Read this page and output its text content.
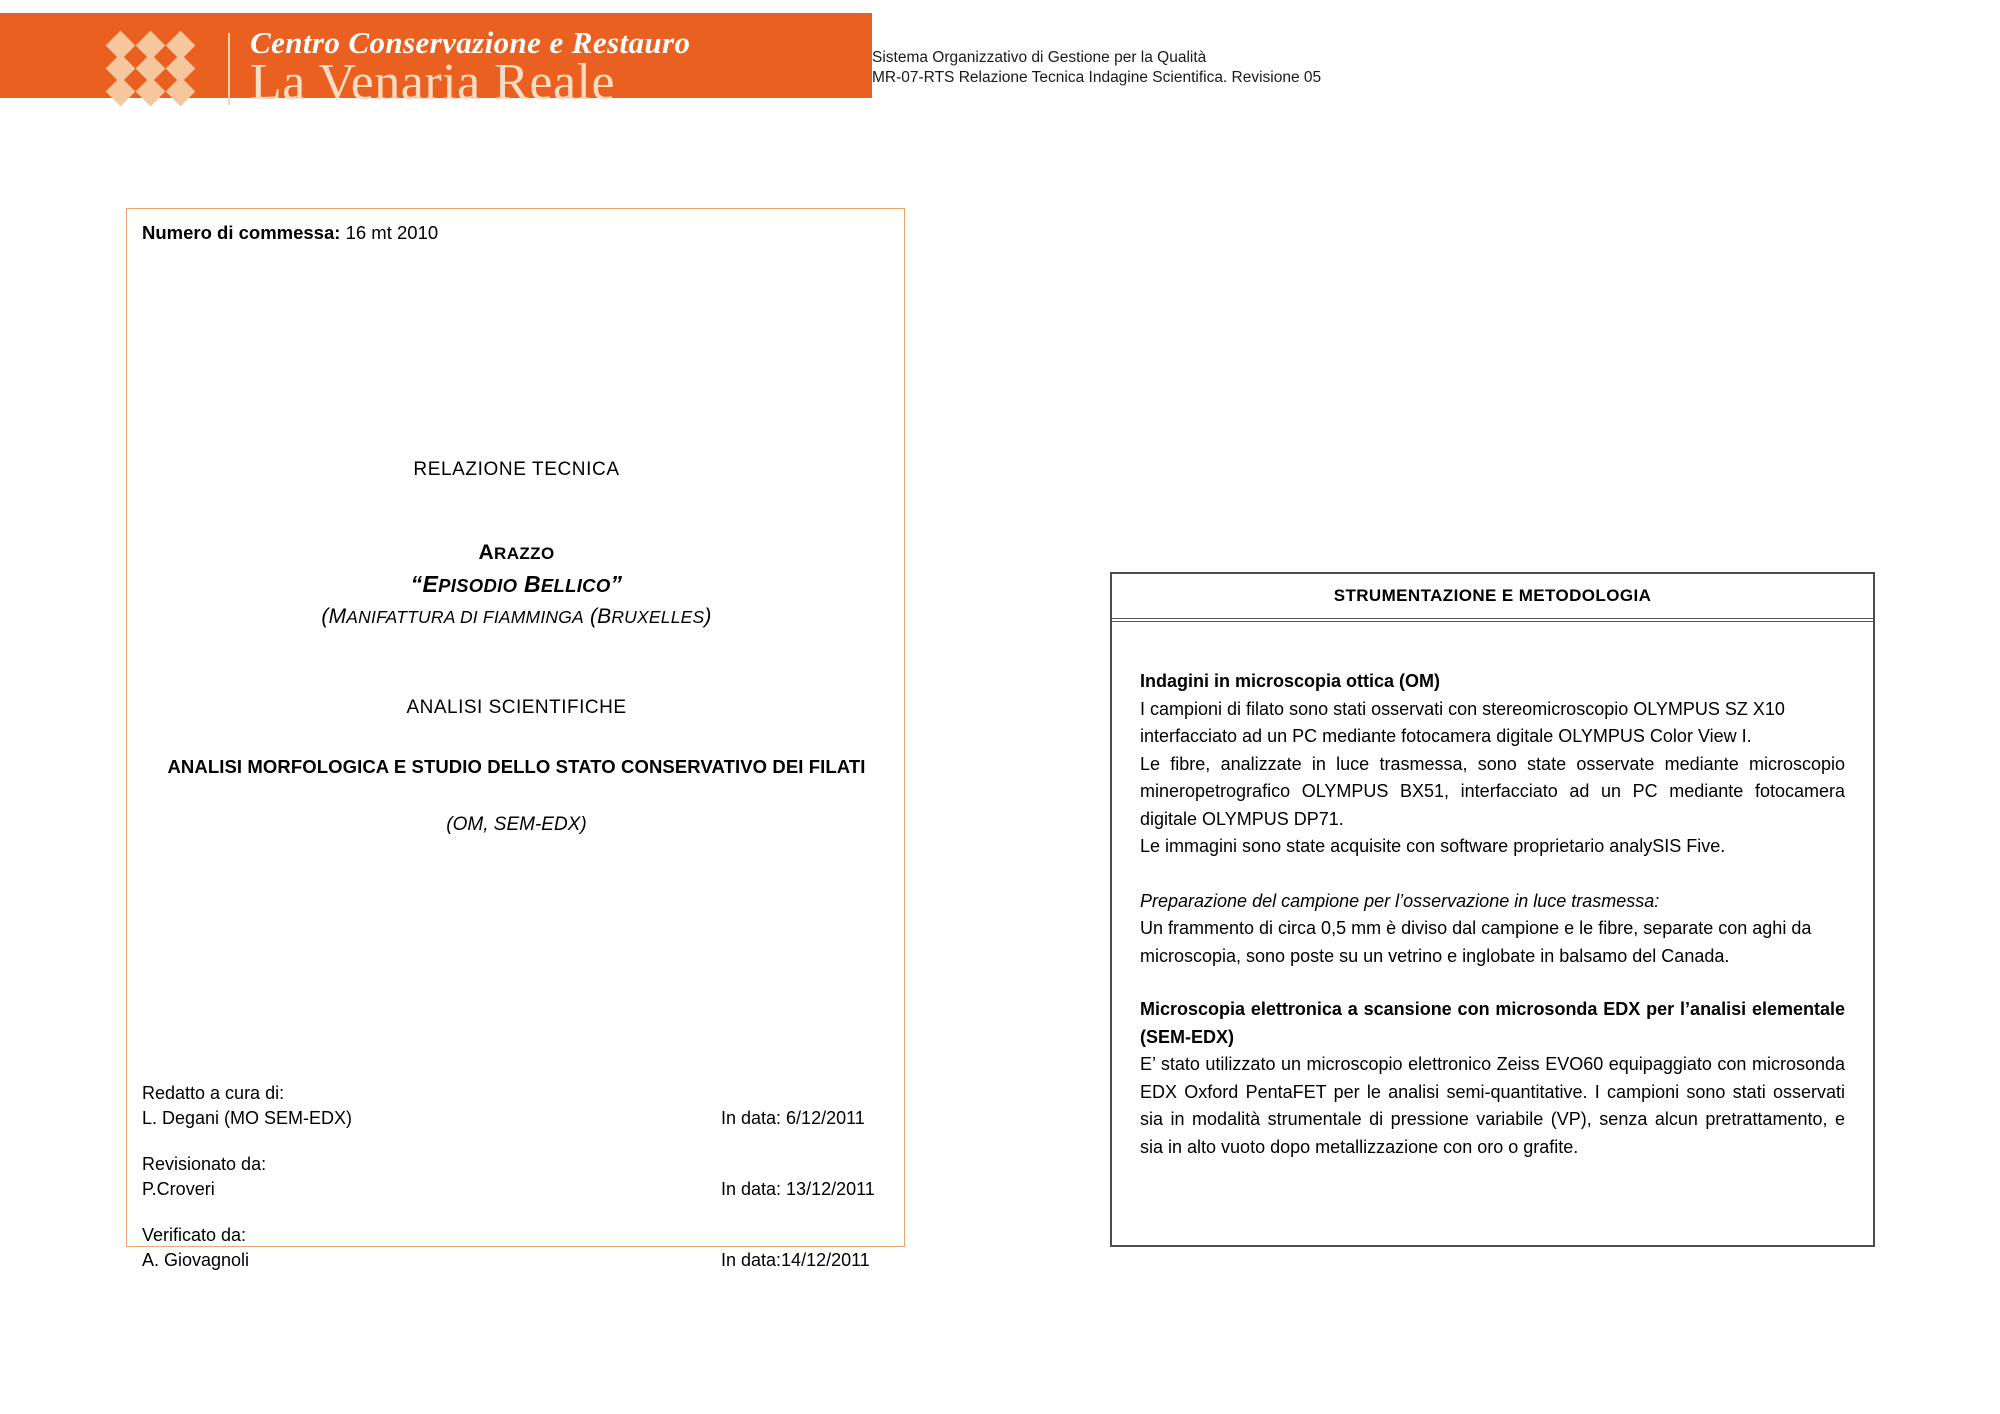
Centro Conservazione e Restauro
La Venaria Reale	Sistema Organizzativo di Gestione per la Qualità
MR-07-RTS Relazione Tecnica Indagine Scientifica. Revisione 05
Numero di commessa: 16 mt 2010
RELAZIONE TECNICA
ARAZZO
“EPISODIO BELLICO”
(MANIFATTURA DI FIAMMINGA (BRUXELLES)
ANALISI SCIENTIFICHE
ANALISI MORFOLOGICA E STUDIO DELLO STATO CONSERVATIVO DEI FILATI
(OM, SEM-EDX)
Redatto a cura di:
L. Degani (MO SEM-EDX)	In data: 6/12/2011
Revisionato da:
P.Croveri	In data: 13/12/2011
Verificato da:
A. Giovagnoli	In data:14/12/2011
STRUMENTAZIONE E METODOLOGIA

Indagini in microscopia ottica (OM)

I campioni di filato sono stati osservati con stereomicroscopio OLYMPUS SZ X10 interfacciato ad un PC mediante fotocamera digitale OLYMPUS Color View I.

Le fibre, analizzate in luce trasmessa, sono state osservate mediante microscopio mineropetrografico OLYMPUS BX51, interfacciato ad un PC mediante fotocamera digitale OLYMPUS DP71.

Le immagini sono state acquisite con software proprietario analySIS Five.

Preparazione del campione per l’osservazione in luce trasmessa:

Un frammento di circa 0,5 mm è diviso dal campione e le fibre, separate con aghi da microscopia, sono poste su un vetrino e inglobate in balsamo del Canada.

Microscopia elettronica a scansione con microsonda EDX per l’analisi elementale (SEM-EDX)

E’ stato utilizzato un microscopio elettronico Zeiss EVO60 equipaggiato con microsonda EDX Oxford PentaFET per le analisi semi-quantitative. I campioni sono stati osservati sia in modalità strumentale di pressione variabile (VP), senza alcun pretrattamento, e sia in alto vuoto dopo metallizzazione con oro o grafite.
